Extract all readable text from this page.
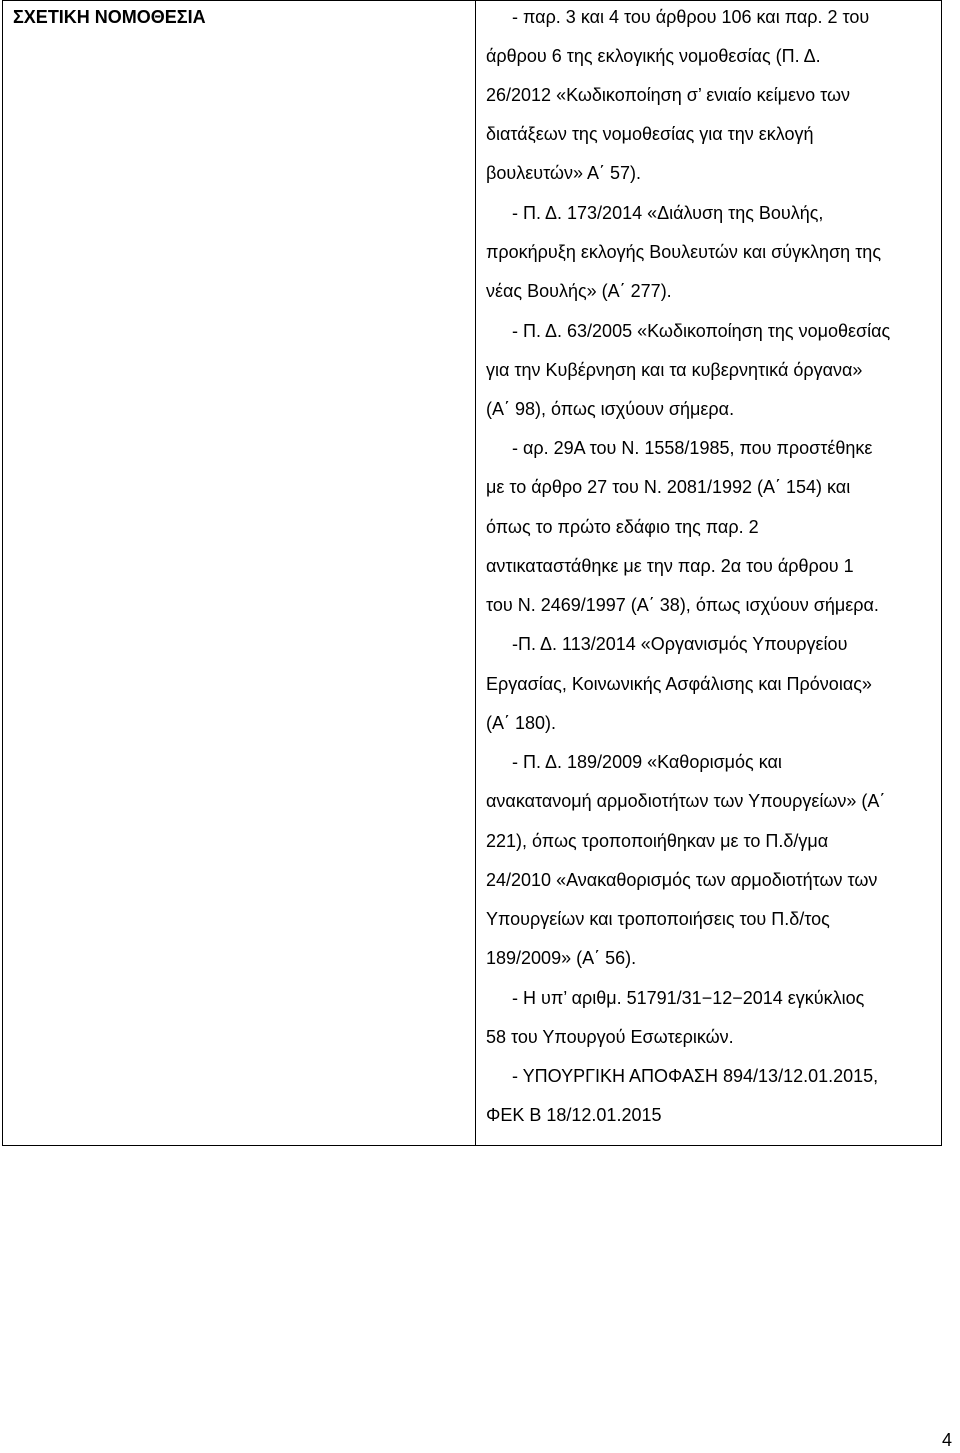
ΣΧΕΤΙΚΗ ΝΟΜΟΘΕΣΙΑ	- παρ. 3 και 4 του άρθρου 106 και παρ. 2 του
άρθρου 6 της εκλογικής νομοθεσίας (Π. Δ.
26/2012 «Κωδικοποίηση σ’ ενιαίο κείμενο των
διατάξεων της νομοθεσίας για την εκλογή
βουλευτών» Α΄ 57).
- Π. Δ. 173/2014 «Διάλυση της Βουλής,
προκήρυξη εκλογής Βουλευτών και σύγκληση της
νέας Βουλής» (Α΄ 277).
- Π. Δ. 63/2005 «Κωδικοποίηση της νομοθεσίας
για την Κυβέρνηση και τα κυβερνητικά όργανα»
(Α΄ 98), όπως ισχύουν σήμερα.
- αρ. 29Α του Ν. 1558/1985, που προστέθηκε
με το άρθρο 27 του Ν. 2081/1992 (Α΄ 154) και
όπως το πρώτο εδάφιο της παρ. 2
αντικαταστάθηκε με την παρ. 2α του άρθρου 1
του Ν. 2469/1997 (Α΄ 38), όπως ισχύουν σήμερα.
-Π. Δ. 113/2014 «Οργανισμός Υπουργείου
Εργασίας, Κοινωνικής Ασφάλισης και Πρόνοιας»
(Α΄ 180).
- Π. Δ. 189/2009 «Καθορισμός και
ανακατανομή αρμοδιοτήτων των Υπουργείων» (Α΄
221), όπως τροποποιήθηκαν με το Π.δ/γμα
24/2010 «Ανακαθορισμός των αρμοδιοτήτων των
Υπουργείων και τροποποιήσεις του Π.δ/τος
189/2009» (Α΄ 56).
- Η υπ’ αριθμ. 51791/31−12−2014 εγκύκλιος
58 του Υπουργού Εσωτερικών.
- ΥΠΟΥΡΓΙΚΗ ΑΠΟΦΑΣΗ 894/13/12.01.2015,
ΦΕΚ Β 18/12.01.2015
4
